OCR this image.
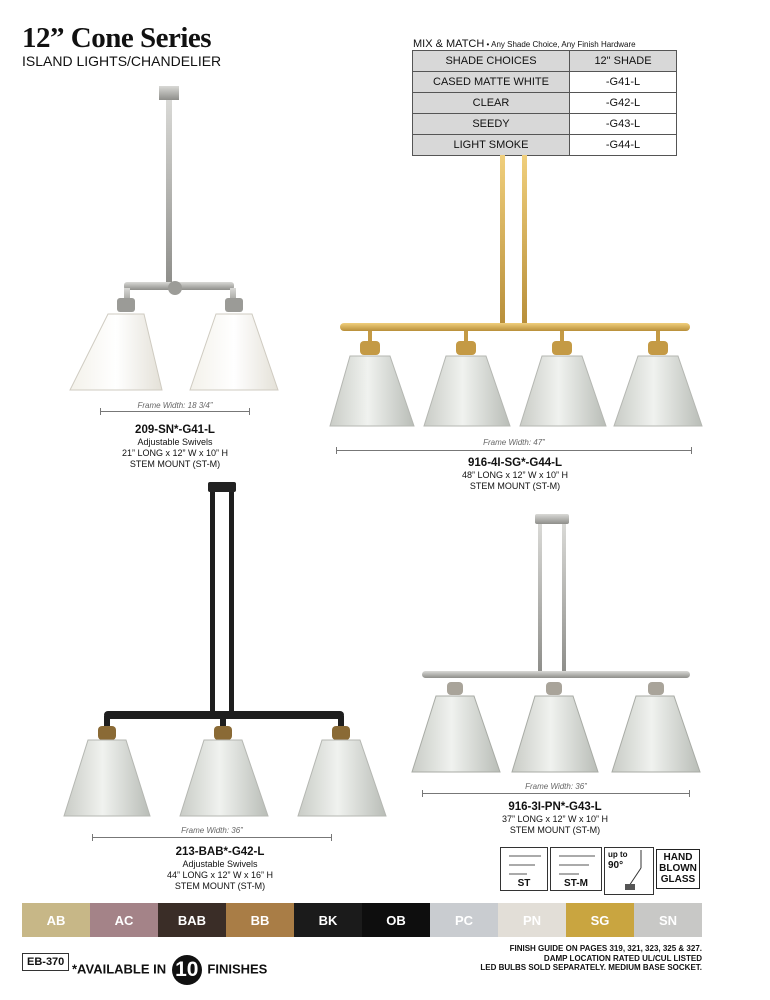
12” Cone Series
ISLAND LIGHTS/CHANDELIER
MIX & MATCH • Any Shade Choice, Any Finish Hardware
SHADE CHOICES	12" SHADE
CASED MATTE WHITE	-G41-L
CLEAR	-G42-L
SEEDY	-G43-L
LIGHT SMOKE	-G44-L
Frame Width: 18 3/4”
209-SN*-G41-L
Adjustable Swivels
21” LONG x 12” W x 10” H
STEM MOUNT (ST-M)
Frame Width: 47”
916-4I-SG*-G44-L
48” LONG x 12” W x 10” H
STEM MOUNT (ST-M)
Frame Width: 36”
213-BAB*-G42-L
Adjustable Swivels
44” LONG x 12” W x 16” H
STEM MOUNT (ST-M)
Frame Width: 36”
916-3I-PN*-G43-L
37” LONG x 12” W x 10” H
STEM MOUNT (ST-M)
ST	ST-M
up to
90°
HAND
BLOWN
GLASS
AB	AC	BAB	BB	BK	OB	PC	PN	SG	SN
EB-370 *AVAILABLE IN 10 FINISHES
FINISH GUIDE ON PAGES 319, 321, 323, 325 & 327.
DAMP LOCATION RATED UL/CUL LISTED
LED BULBS SOLD SEPARATELY. MEDIUM BASE SOCKET.
